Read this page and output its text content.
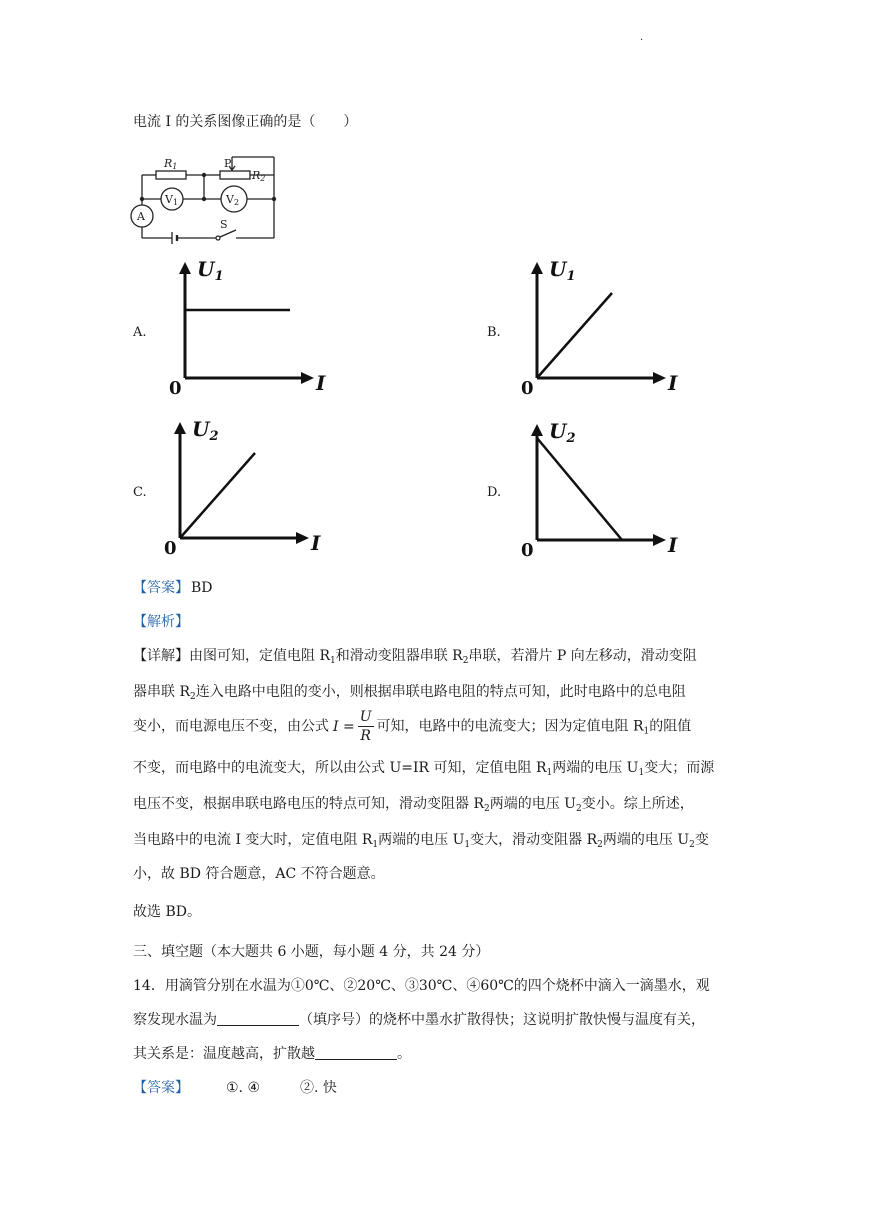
.
电流 I 的关系图像正确的是（　　）
R1	P
R2
V1	V2
A
S
A.
$U_1$
I
0
B.
$U_1$
I
0
C.
$U_2$
I
0
D.
$U_2$
I
0
【答案】 BD
【解析】
【详解】由图可知，定值电阻 $R_1$和滑动变阻器串联 $R_2$串联，若滑片 P 向左移动，滑动变阻
器串联 $R_2$连入电路中电阻的变小，则根据串联电路电阻的特点可知，此时电路中的总电阻
变小，而电源电压不变，由公式 $I = \frac{U}{R}$ 可知，电路中的电流变大；因为定值电阻 $R_1$的阻值
不变，而电路中的电流变大，所以由公式 U=IR 可知，定值电阻 $R_1$两端的电压 $U_1$变大；而源
电压不变，根据串联电路电压的特点可知，滑动变阻器 $R_2$两端的电压 $U_2$变小。综上所述，
当电路中的电流 I 变大时，定值电阻 $R_1$两端的电压 $U_1$变大，滑动变阻器 $R_2$两端的电压 $U_2$变
小，故 BD 符合题意，AC 不符合题意。
故选 BD。
三、填空题（本大题共 6 小题，每小题 4 分，共 24 分）
14．用滴管分别在水温为①0℃、②20℃、③30℃、④60℃的四个烧杯中滴入一滴墨水，观
察发现水温为	（填序号）的烧杯中墨水扩散得快；这说明扩散快慢与温度有关，
其关系是：温度越高，扩散越	。
【答案】	①. ④	②. 快
